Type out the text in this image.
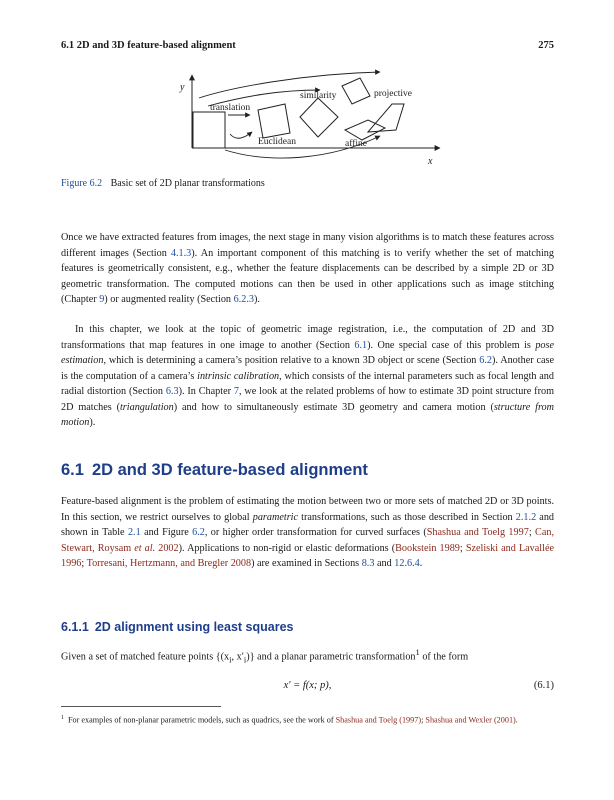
6.1 2D and 3D feature-based alignment	275
y
x
translation
similarity	projective
Euclidean	affine
Figure 6.2 Basic set of 2D planar transformations
Once we have extracted features from images, the next stage in many vision algorithms is to match these features across different images (Section 4.1.3). An important component of this matching is to verify whether the set of matching features is geometrically consistent, e.g., whether the feature displacements can be described by a simple 2D or 3D geometric transformation. The computed motions can then be used in other applications such as image stitching (Chapter 9) or augmented reality (Section 6.2.3).
In this chapter, we look at the topic of geometric image registration, i.e., the computation of 2D and 3D transformations that map features in one image to another (Section 6.1). One special case of this problem is pose estimation, which is determining a camera’s position relative to a known 3D object or scene (Section 6.2). Another case is the computation of a camera’s intrinsic calibration, which consists of the internal parameters such as focal length and radial distortion (Section 6.3). In Chapter 7, we look at the related problems of how to estimate 3D point structure from 2D matches (triangulation) and how to simultaneously estimate 3D geometry and camera motion (structure from motion).
6.1 2D and 3D feature-based alignment
Feature-based alignment is the problem of estimating the motion between two or more sets of matched 2D or 3D points. In this section, we restrict ourselves to global parametric transformations, such as those described in Section 2.1.2 and shown in Table 2.1 and Figure 6.2, or higher order transformation for curved surfaces (Shashua and Toelg 1997; Can, Stewart, Roysam et al. 2002). Applications to non-rigid or elastic deformations (Bookstein 1989; Szeliski and Lavallée 1996; Torresani, Hertzmann, and Bregler 2008) are examined in Sections 8.3 and 12.6.4.
6.1.1 2D alignment using least squares
Given a set of matched feature points {($x_i$, $x'_i$)} and a planar parametric transformation$^1$ of the form
x′ = f(x; p),	(6.1)
$^1$ For examples of non-planar parametric models, such as quadrics, see the work of Shashua and Toelg (1997); Shashua and Wexler (2001).
